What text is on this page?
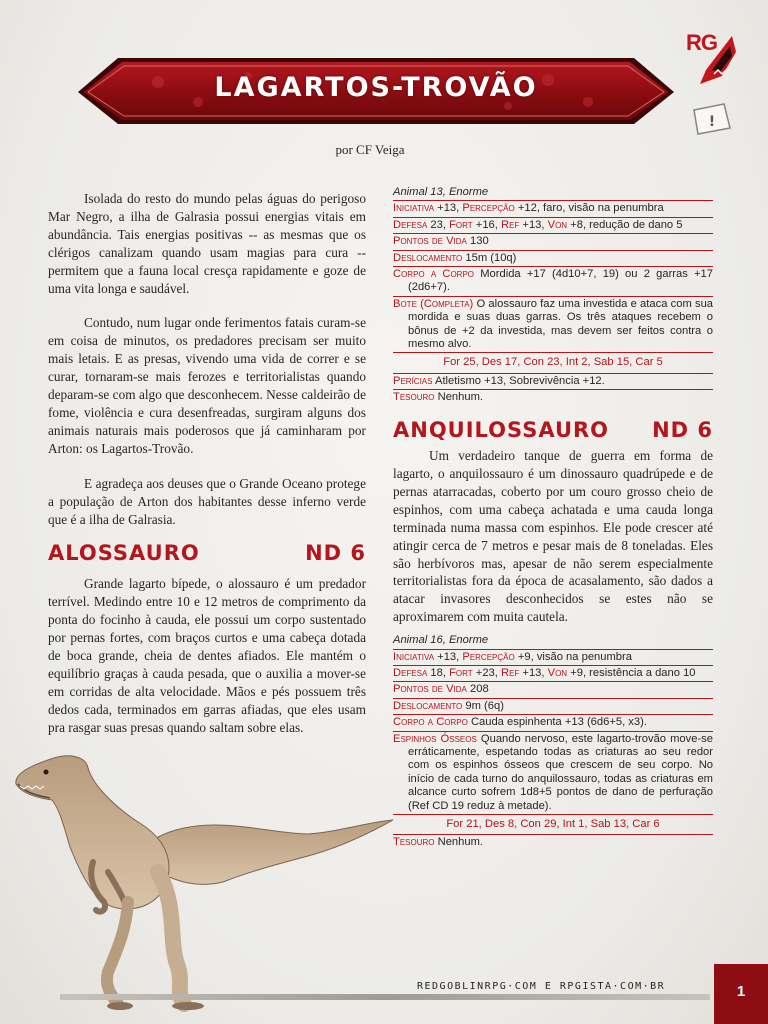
LAGARTOS-TROVÃO
RG
!
por CF Veiga

Isolada do resto do mundo pelas águas do perigoso Mar Negro, a ilha de Galrasia possui energias vitais em abundância. Tais energias positivas -- as mesmas que os clérigos canalizam quando usam magias para cura -- permitem que a fauna local cresça rapidamente e goze de uma vita longa e saudável.

Contudo, num lugar onde ferimentos fatais curam-se em coisa de minutos, os predadores precisam ser muito mais letais. E as presas, vivendo uma vida de correr e se curar, tornaram-se mais ferozes e territorialistas quando deparam-se com algo que desconhecem. Nesse caldeirão de fome, violência e cura desenfreadas, surgiram alguns dos animais naturais mais poderosos que já caminharam por Arton: os Lagartos-Trovão.

E agradeça aos deuses que o Grande Oceano protege a população de Arton dos habitantes desse inferno verde que é a ilha de Galrasia.

ALOSSAURO	ND 6

Grande lagarto bípede, o alossauro é um predador terrível. Medindo entre 10 e 12 metros de comprimento da ponta do focinho à cauda, ele possui um corpo sustentado por pernas fortes, com braços curtos e uma cabeça dotada de boca grande, cheia de dentes afiados. Ele mantém o equilíbrio graças à cauda pesada, que o auxilia a mover-se em corridas de alta velocidade. Mãos e pés possuem três dedos cada, terminados em garras afiadas, que eles usam pra rasgar suas presas quando saltam sobre elas.

Animal 13, Enorme
Iniciativa +13, Percepção +12, faro, visão na penumbra
Defesa 23, Fort +16, Ref +13, Von +8, redução de dano 5
Pontos de Vida 130
Deslocamento 15m (10q)
Corpo a Corpo Mordida +17 (4d10+7, 19) ou 2 garras +17 (2d6+7).
Bote (Completa) O alossauro faz uma investida e ataca com sua mordida e suas duas garras. Os três ataques recebem o bônus de +2 da investida, mas devem ser feitos contra o mesmo alvo.
For 25, Des 17, Con 23, Int 2, Sab 15, Car 5
Perícias Atletismo +13, Sobrevivência +12.
Tesouro Nenhum.
ANQUILOSSAURO ND 6

Um verdadeiro tanque de guerra em forma de lagarto, o anquilossauro é um dinossauro quadrúpede e de pernas atarracadas, coberto por um couro grosso cheio de espinhos, com uma cabeça achatada e uma cauda longa terminada numa massa com espinhos. Ele pode crescer até atingir cerca de 7 metros e pesar mais de 8 toneladas. Eles são herbívoros mas, apesar de não serem especialmente territorialistas fora da época de acasalamento, são dados a atacar invasores desconhecidos se estes não se aproximarem com muita cautela.

Animal 16, Enorme
Iniciativa +13, Percepção +9, visão na penumbra
Defesa 18, Fort +23, Ref +13, Von +9, resistência a dano 10
Pontos de Vida 208
Deslocamento 9m (6q)
Corpo a Corpo Cauda espinhenta +13 (6d6+5, x3).
Espinhos Ósseos Quando nervoso, este lagarto-trovão move-se erráticamente, espetando todas as criaturas ao seu redor com os espinhos ósseos que crescem de seu corpo. No início de cada turno do anquilossauro, todas as criaturas em alcance curto sofrem 1d8+5 pontos de dano de perfuração (Ref CD 19 reduz à metade).
For 21, Des 8, Con 29, Int 1, Sab 13, Car 6
Tesouro Nenhum.
REDGOBLINRPG·COM E RPGISTA·COM·BR	1
